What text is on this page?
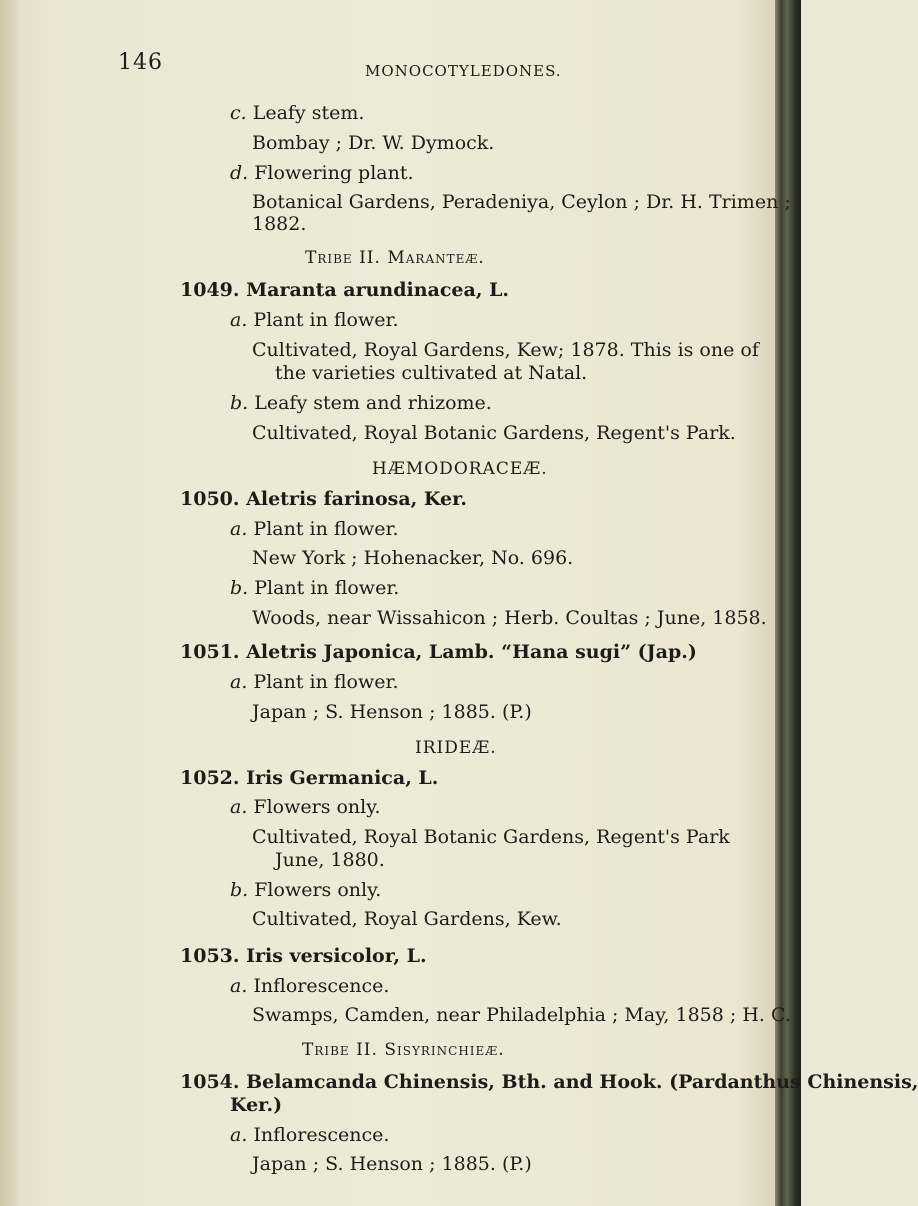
146	MONOCOTYLEDONES.
c. Leafy stem.
Bombay ; Dr. W. Dymock.
d. Flowering plant.
Botanical Gardens, Peradeniya, Ceylon ; Dr. H. Trimen ;
1882.
Tribe II. Marantеæ.
1049. Maranta arundinacea, L.
a. Plant in flower.
Cultivated, Royal Gardens, Kew; 1878. This is one of
the varieties cultivated at Natal.
b. Leafy stem and rhizome.
Cultivated, Royal Botanic Gardens, Regent's Park.
HÆMODORACEÆ.
1050. Aletris farinosa, Ker.
a. Plant in flower.
New York ; Hohenacker, No. 696.
b. Plant in flower.
Woods, near Wissahicon ; Herb. Coultas ; June, 1858.
1051. Aletris Japonica, Lamb. “Hana sugi” (Jap.)
a. Plant in flower.
Japan ; S. Henson ; 1885. (P.)
IRIDEÆ.
1052. Iris Germanica, L.
a. Flowers only.
Cultivated, Royal Botanic Gardens, Regent's Park
June, 1880.
b. Flowers only.
Cultivated, Royal Gardens, Kew.
1053. Iris versicolor, L.
a. Inflorescence.
Swamps, Camden, near Philadelphia ; May, 1858 ; H. C.
Tribe II. Sisyrinchieæ.
1054. Belamcanda Chinensis, Bth. and Hook. (Pardanthus Chinensis,
Ker.)
a. Inflorescence.
Japan ; S. Henson ; 1885. (P.)
